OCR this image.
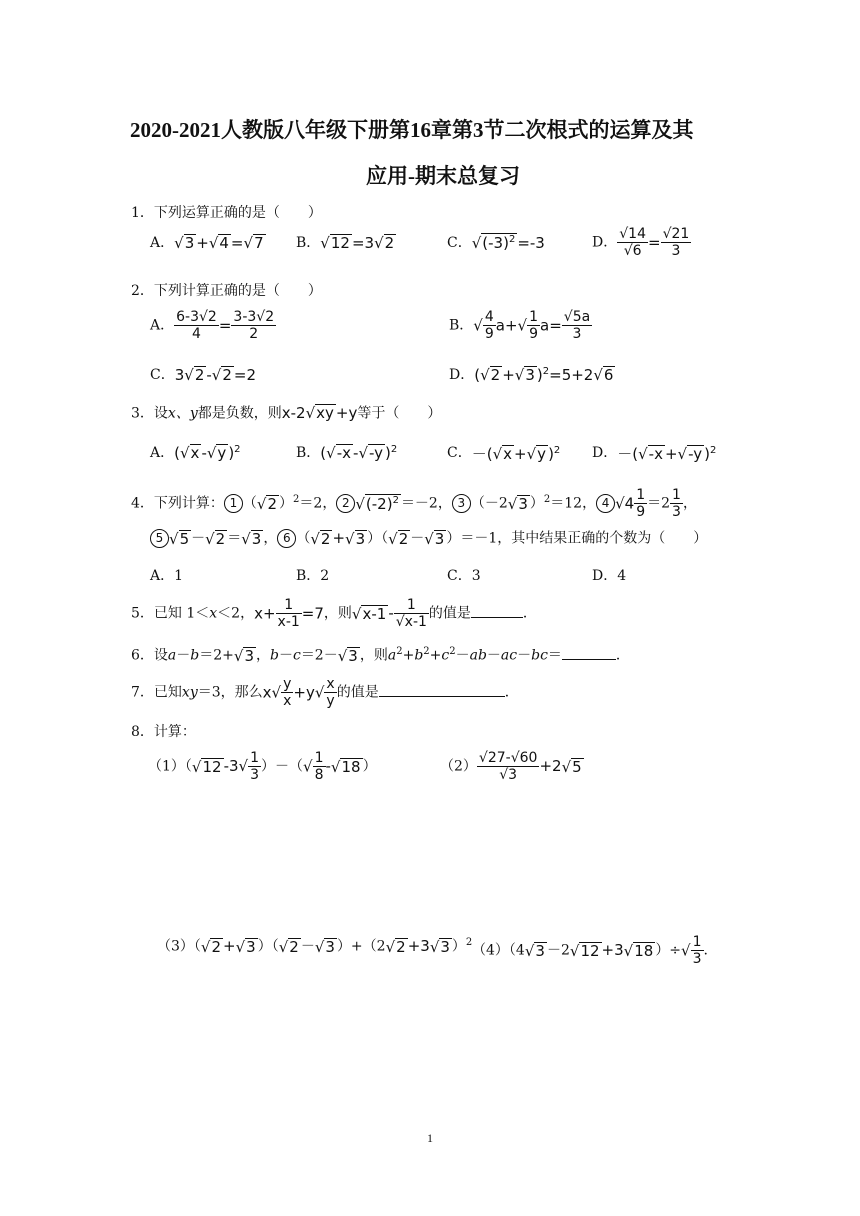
2020-2021人教版八年级下册第16章第3节二次根式的运算及其
应用-期末总复习
1．下列运算正确的是（　　）
A．√3 +√4 =√7 B．√12 =3√2	C．$√(-3)^2 =-3$	D． $\frac{√14}{√6} = \frac{√21}{3}$
2．下列计算正确的是（　　）
A． $\frac{6-3√2}{4} = \frac{3-3√2}{2}$	B．√ $\frac{4}{9} a+√ \frac{1}{9} a= \frac{√5a}{3}$
C．3√2 -√2 =2	D．(√2 +√3 )$^2$=5+2√6
3．设x、y都是负数，则x-2√xy +y等于（　　）
A．(√x -√y )$^2$	B．(√-x -√-y )$^2$	C．－(√x +√y )$^2$ D．－(√-x +√-y )$^2$
4．下列计算： 1 （√2 ）$^2$＝2， 2 $√(-2)^2 =-2$， 3 （－2√3 ）$^2$＝12， 4 $√4 \frac{1}{9} =2 \frac{1}{3}$ ，
5 √5 －√2 ＝√3 ， 6 （√2 +√3 ）（√2 －√3 ）＝－1，其中结果正确的个数为（　　）
A．1	B．2	C．3	D．4
5．已知 1＜x＜2，$x+ \frac{1}{x-1} =7$，则$√x-1 - \frac{1}{√x-1}$ 的值是	．
6．设a－b＝2+√3 ，b－c＝2－√3 ，则$a^2+b^2+c^2-ab-ac-bc=$	．
7．已知xy＝3，那么$x√ \frac{y}{x} +y√ \frac{x}{y}$ 的值是	．
8．计算：
（1）（√12 $-3√ \frac{1}{3}$ ）－（√ $\frac{1}{8} -√18$ ）	$(2) \frac{√27-√60}{√3} +2√5$
（3）（√2 +√3 ）（√2 －√3 ）+（2√2 +3√3 ）$^2$ （4）（4√3 －2√12 +3√18 ）÷√ $\frac{1}{3}$ .
1
